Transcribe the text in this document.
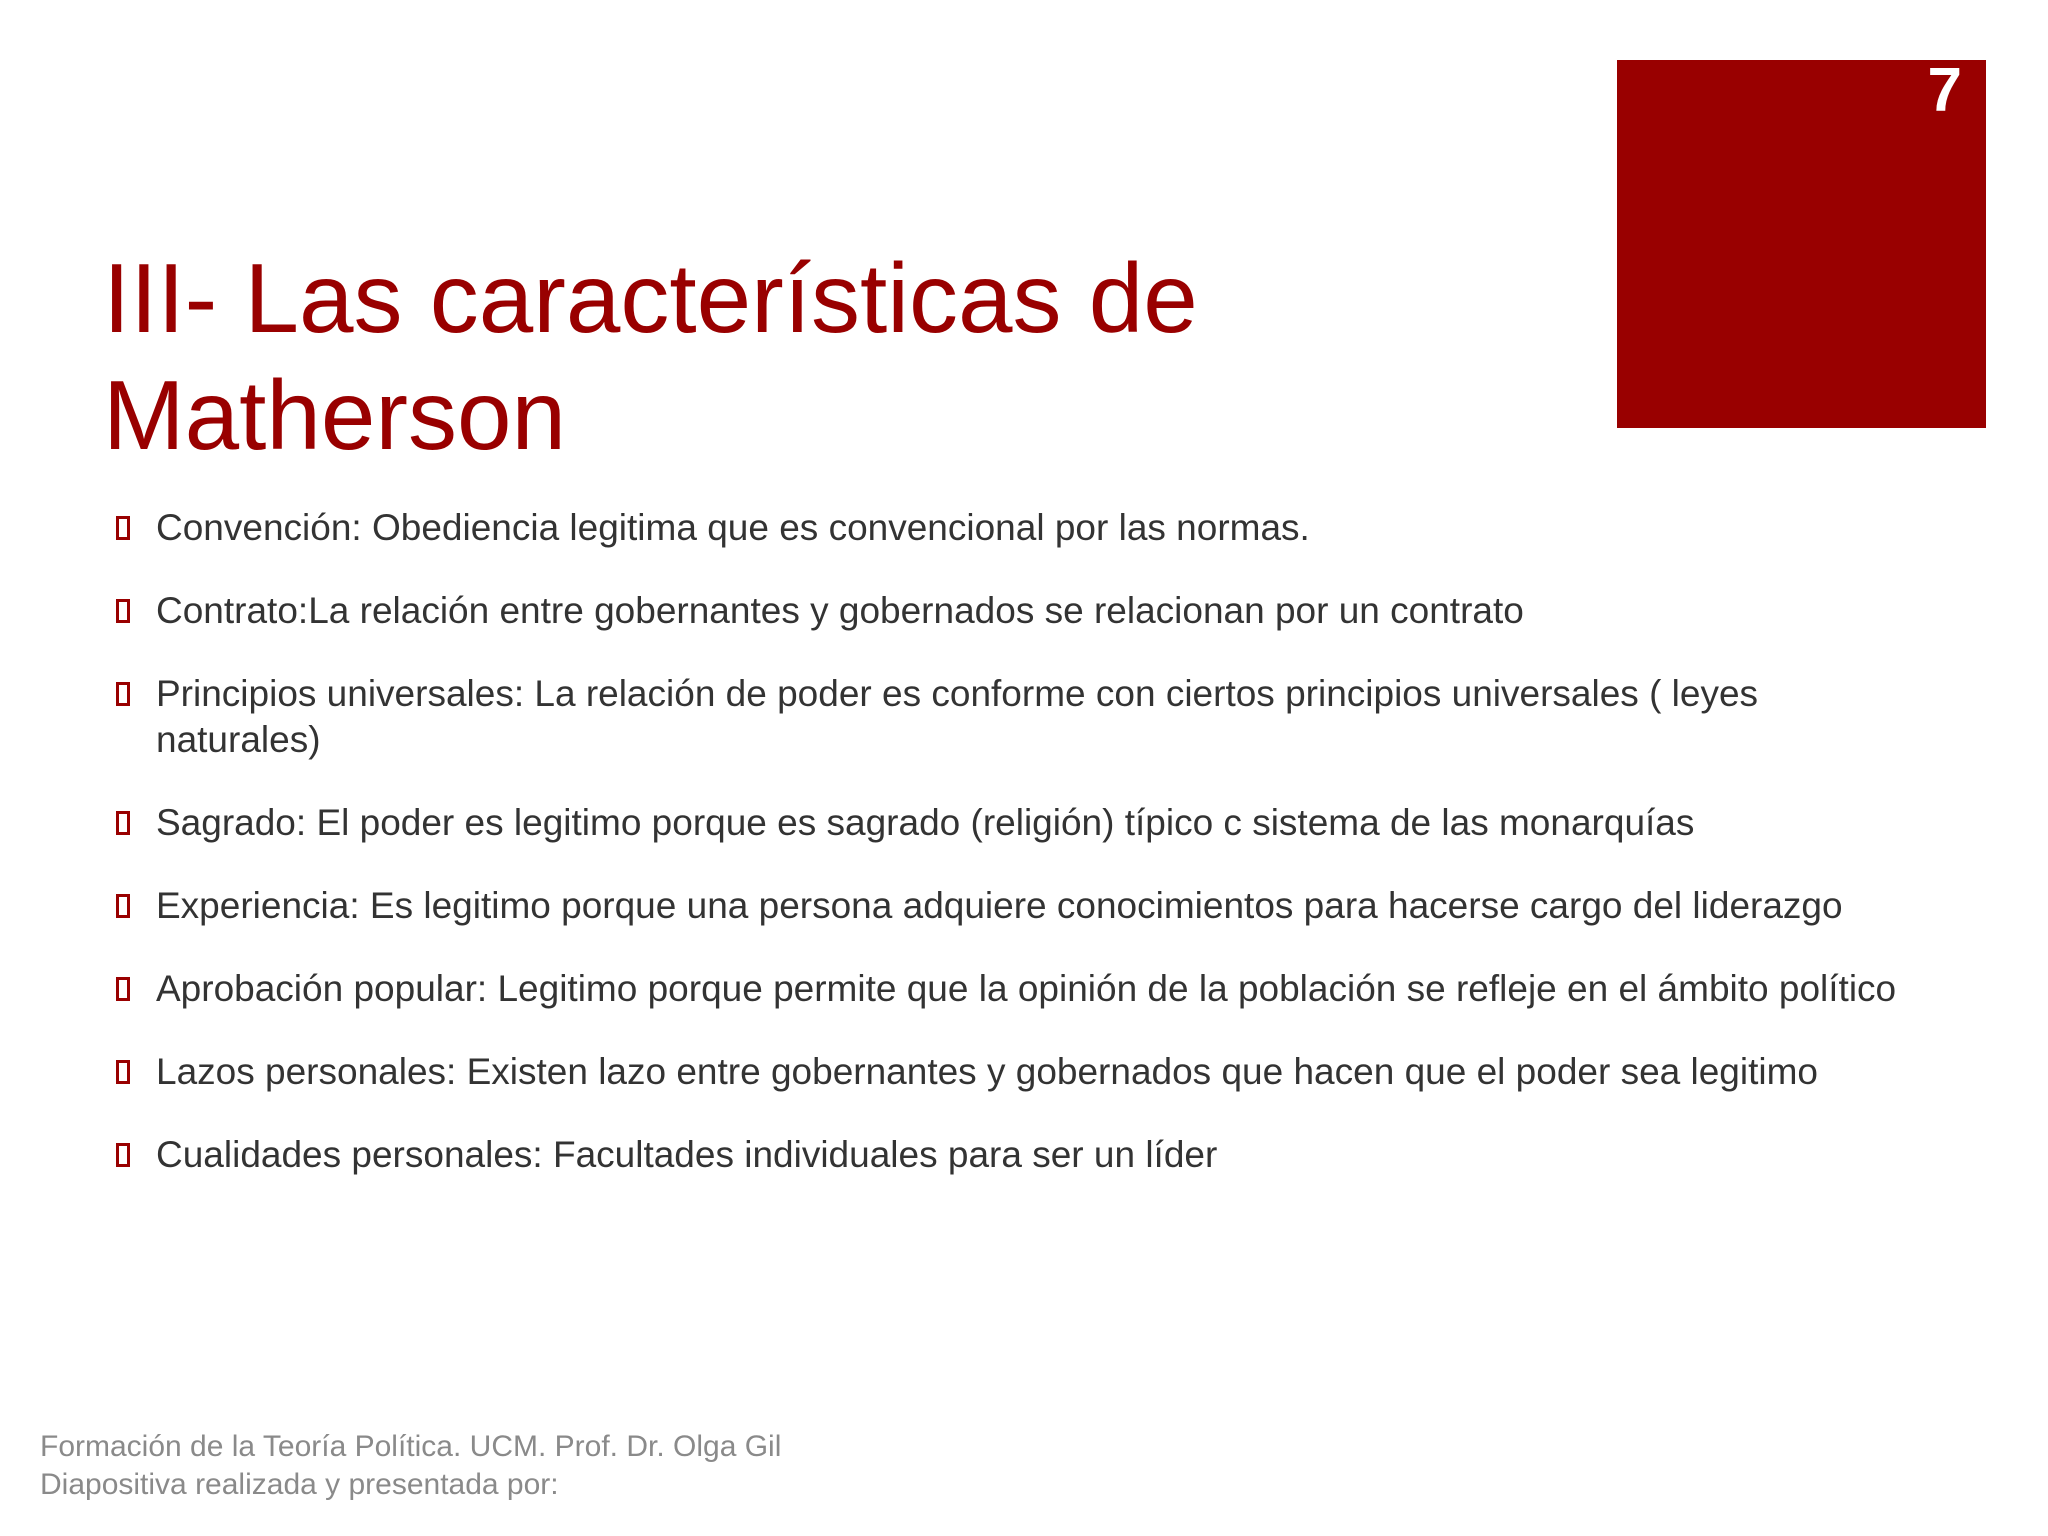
7
III- Las características de
Matherson
Convención: Obediencia legitima que es convencional por las normas.
Contrato:La relación entre gobernantes y gobernados se relacionan por un contrato
Principios universales: La relación de poder es conforme con ciertos principios universales ( leyes naturales)
Sagrado: El poder es legitimo porque es sagrado (religión) típico c sistema de las monarquías
Experiencia: Es legitimo porque una persona adquiere conocimientos para hacerse cargo del liderazgo
Aprobación popular: Legitimo porque permite que la opinión de la población se refleje en el ámbito político
Lazos personales: Existen lazo entre gobernantes y gobernados que hacen que el poder sea legitimo
Cualidades personales: Facultades individuales para ser un líder
Formación de la Teoría Política. UCM. Prof. Dr. Olga Gil
Diapositiva realizada y presentada por:
